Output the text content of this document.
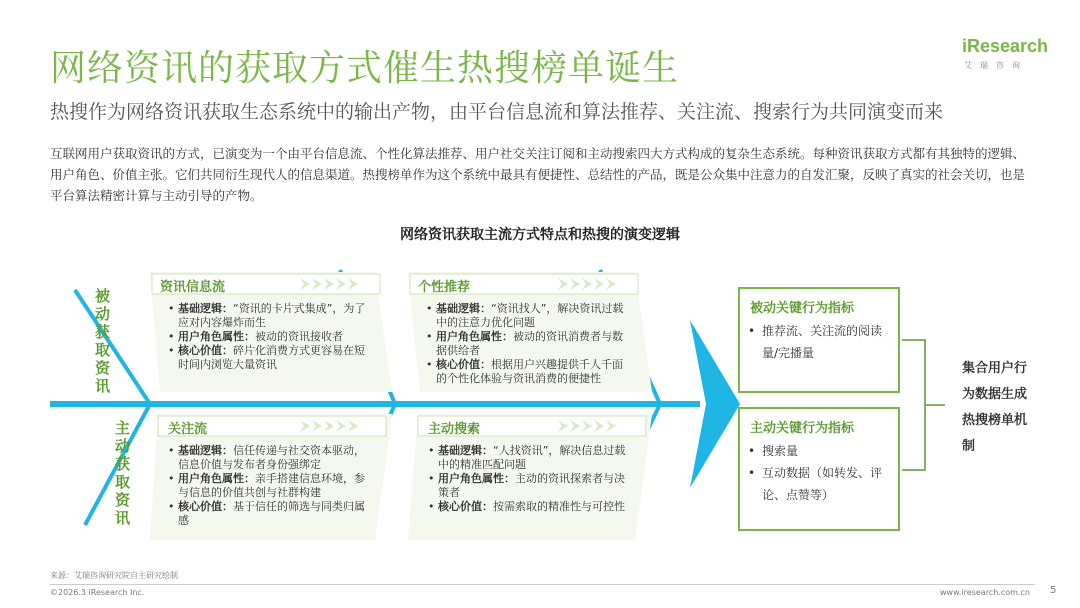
网络资讯的获取方式催生热搜榜单诞生
热搜作为网络资讯获取生态系统中的输出产物，由平台信息流和算法推荐、关注流、搜索行为共同演变而来
互联网用户获取资讯的方式，已演变为一个由平台信息流、个性化算法推荐、用户社交关注订阅和主动搜索四大方式构成的复杂生态系统。每种资讯获取方式都有其独特的逻辑、用户角色、价值主张。它们共同衍生现代人的信息渠道。热搜榜单作为这个系统中最具有便捷性、总结性的产品，既是公众集中注意力的自发汇聚，反映了真实的社会关切，也是平台算法精密计算与主动引导的产物。
iResearch
艾瑞咨询
网络资讯获取主流方式特点和热搜的演变逻辑
被动获取资讯
主动获取资讯
资讯信息流
• 基础逻辑：“资讯的卡片式集成”，为了应对内容爆炸而生
• 用户角色属性：被动的资讯接收者
• 核心价值：碎片化消费方式更容易在短时间内浏览大量资讯
个性推荐
• 基础逻辑：“资讯找人”，解决资讯过载中的注意力优化问题
• 用户角色属性：被动的资讯消费者与数据供给者
• 核心价值：根据用户兴趣提供千人千面的个性化体验与资讯消费的便捷性
关注流
• 基础逻辑：信任传递与社交资本驱动，信息价值与发布者身份强绑定
• 用户角色属性：亲手搭建信息环境，参与信息的价值共创与社群构建
• 核心价值：基于信任的筛选与同类归属感
主动搜索
• 基础逻辑：“人找资讯”，解决信息过载中的精准匹配问题
• 用户角色属性：主动的资讯探索者与决策者
• 核心价值：按需索取的精准性与可控性
被动关键行为指标
• 推荐流、关注流的阅读量/完播量
主动关键行为指标
• 搜索量
• 互动数据（如转发、评论、点赞等）
集合用户行为数据生成热搜榜单机制
来源：艾瑞咨询研究院自主研究绘制
©2026.3 iResearch Inc.	www.iresearch.com.cn 5
